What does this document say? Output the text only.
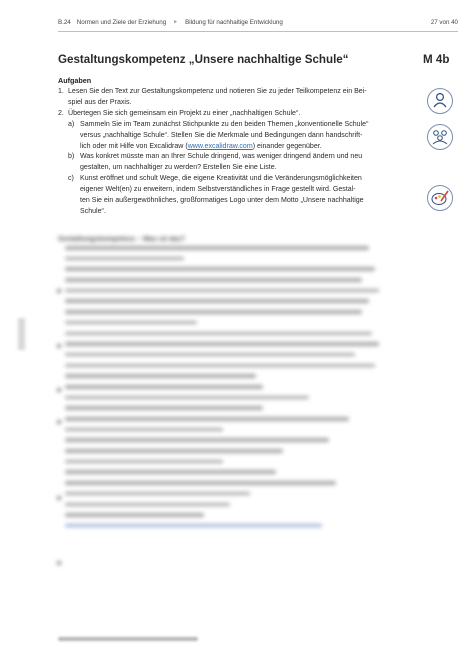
B.24 Normen und Ziele der Erziehung ► Bildung für nachhaltige Entwicklung	27 von 40
Gestaltungskompetenz „Unsere nachhaltige Schule“	M 4b
Aufgaben
1. Lesen Sie den Text zur Gestaltungskompetenz und notieren Sie zu jeder Teilkompetenz ein Bei-
spiel aus der Praxis.
2. Übertegen Sie sich gemeinsam ein Projekt zu einer „nachhaltigen Schule“.
a) Sammeln Sie im Team zunächst Stichpunkte zu den beiden Themen „konventionelle Schule“
versus „nachhaltige Schule“. Stellen Sie die Merkmale und Bedingungen dann handschrift-
lich oder mit Hilfe von Excalidraw (www.excalidraw.com) einander gegenüber.
b) Was konkret müsste man an Ihrer Schule dringend, was weniger dringend ändern und neu
gestalten, um nachhaltiger zu werden? Erstellen Sie eine Liste.
c) Kunst eröffnet und schult Wege, die eigene Kreativität und die Veränderungsmöglichkeiten
eigener Welt(en) zu erweitern, indem Selbstverständliches in Frage gestellt wird. Gestal-
ten Sie ein außergewöhnliches, großformatiges Logo unter dem Motto „Unsere nachhaltige
Schule“.
Gestaltungskompetenz – Was ist das?
